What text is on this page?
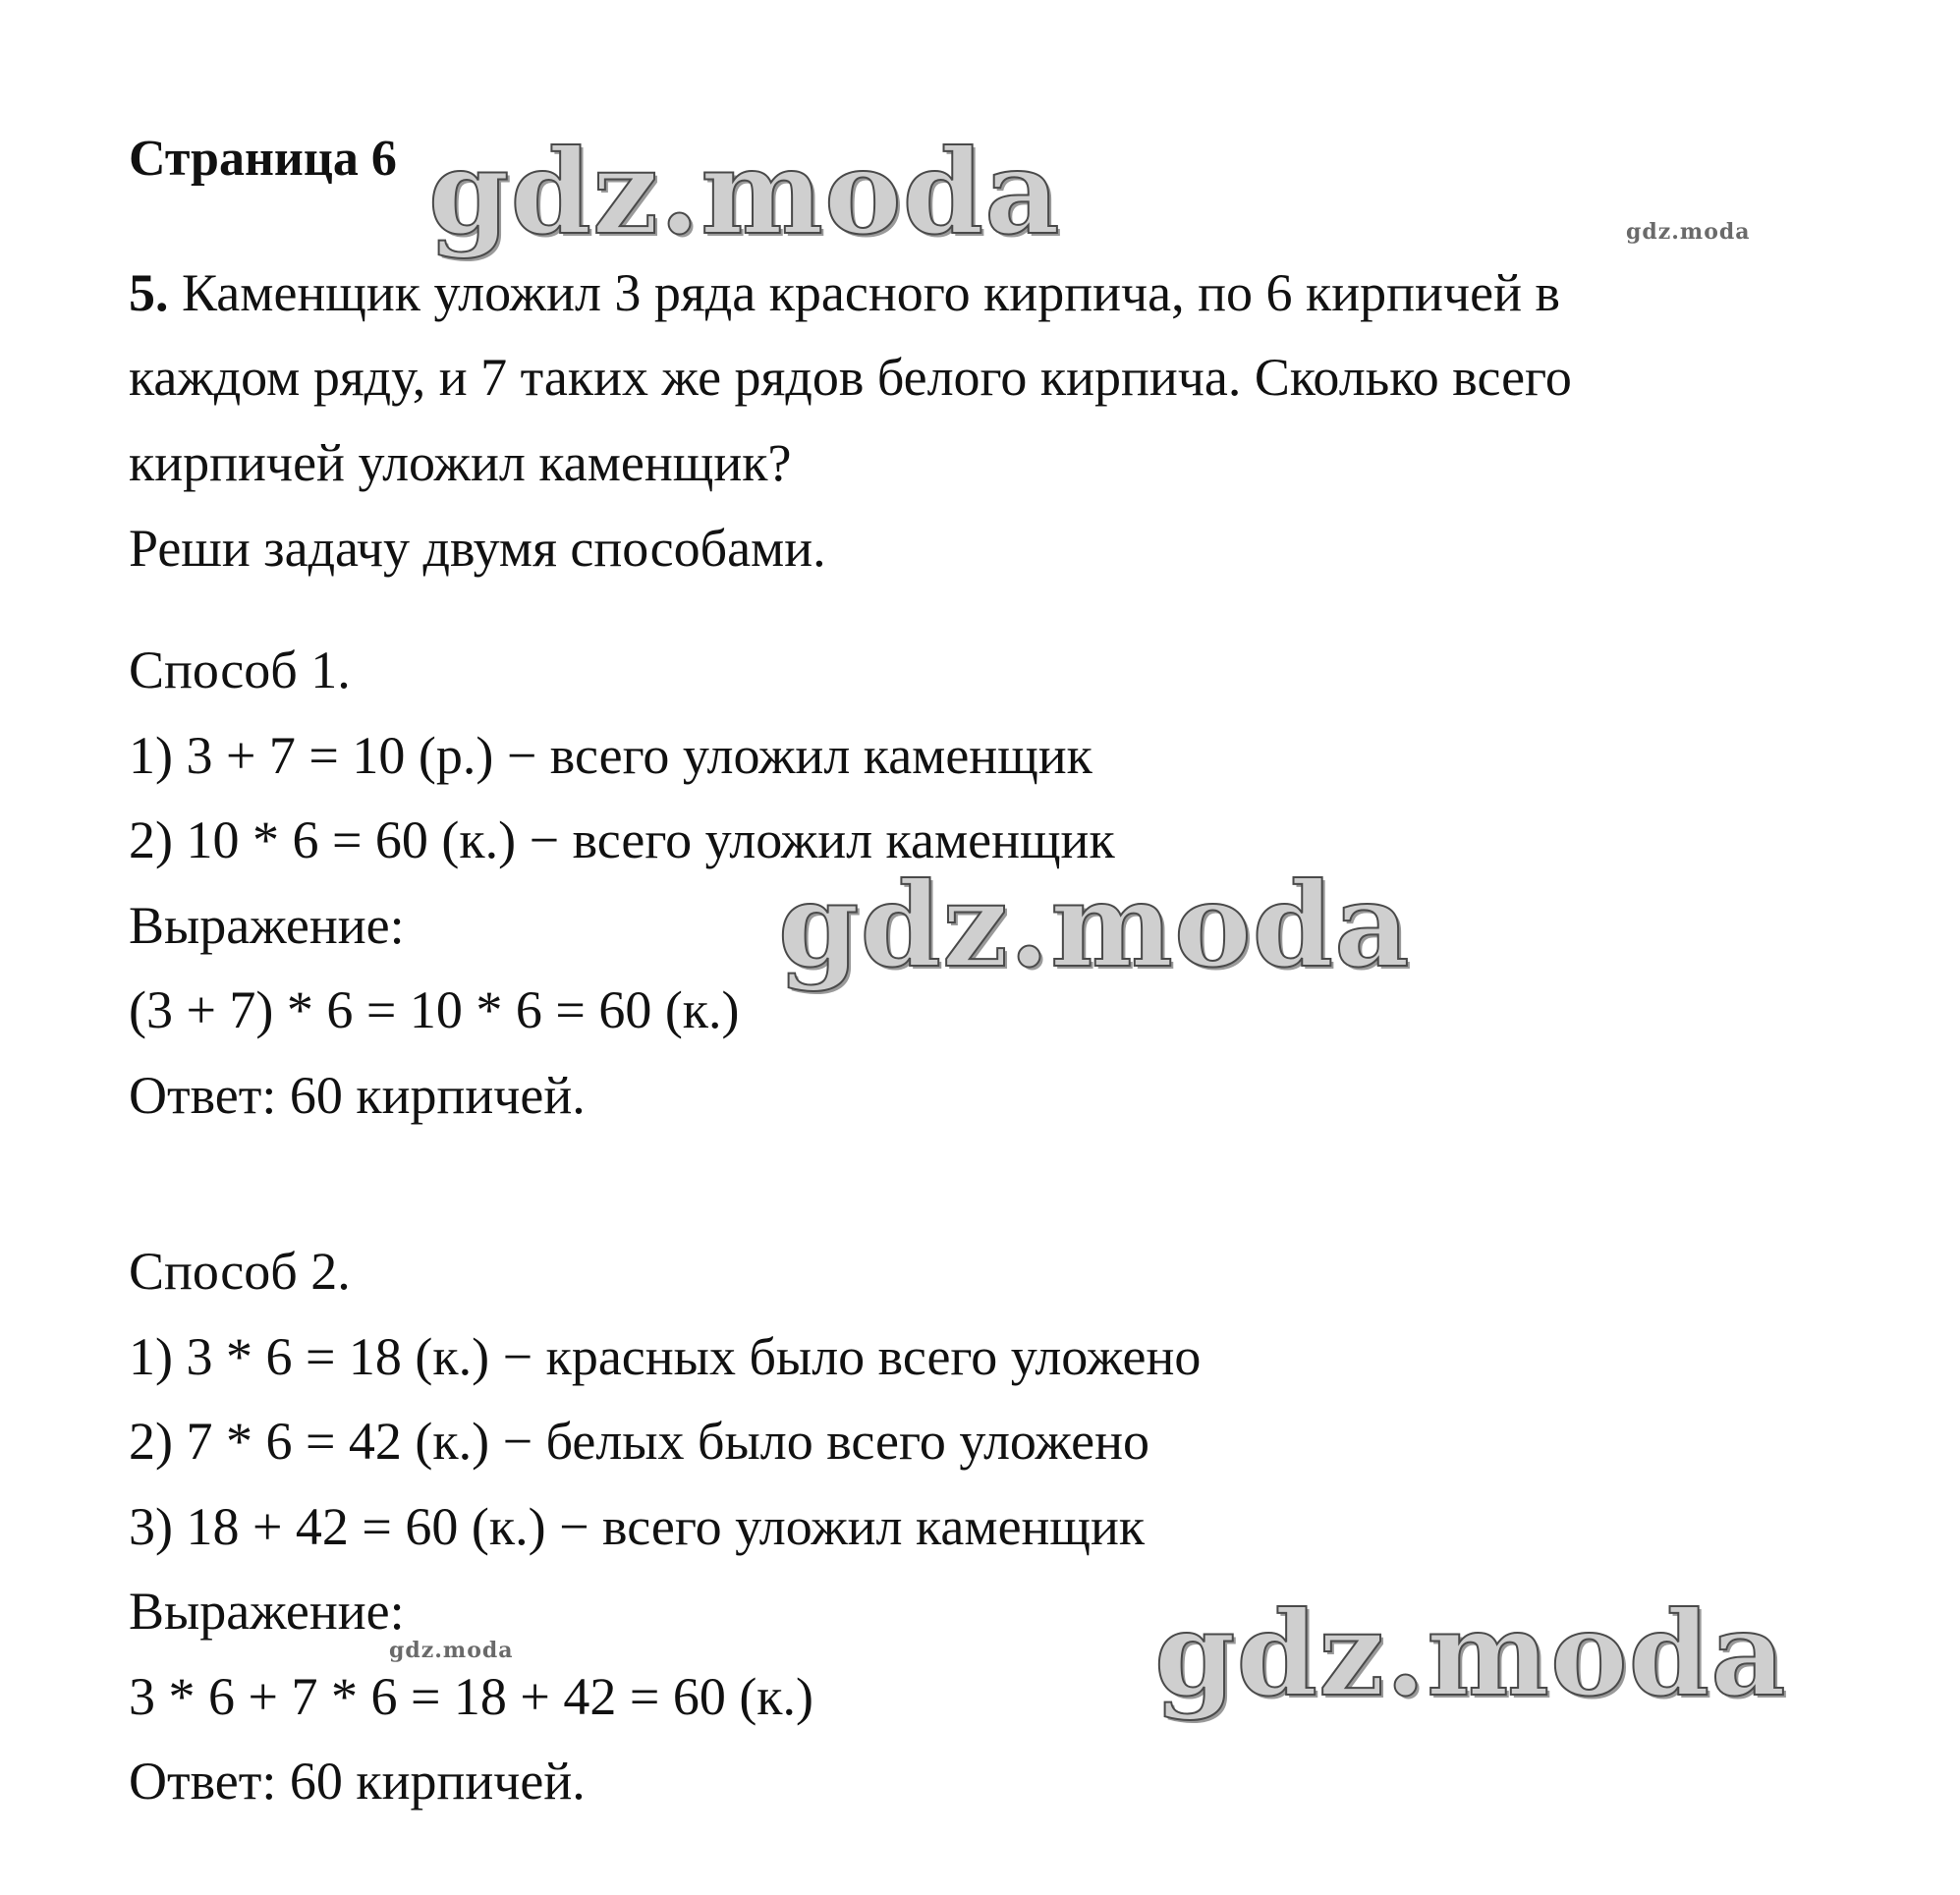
gdz.moda	gdz.moda
gdz.moda
gdz.moda	gdz.moda
Страница 6
5. Каменщик уложил 3 ряда красного кирпича, по 6 кирпичей в
каждом ряду, и 7 таких же рядов белого кирпича. Сколько всего
кирпичей уложил каменщик?
Реши задачу двумя способами.
Способ 1.
1) 3 + 7 = 10 (р.) − всего уложил каменщик
2) 10 * 6 = 60 (к.) − всего уложил каменщик
Выражение:
(3 + 7) * 6 = 10 * 6 = 60 (к.)
Ответ: 60 кирпичей.
Способ 2.
1) 3 * 6 = 18 (к.) − красных было всего уложено
2) 7 * 6 = 42 (к.) − белых было всего уложено
3) 18 + 42 = 60 (к.) − всего уложил каменщик
Выражение:
3 * 6 + 7 * 6 = 18 + 42 = 60 (к.)
Ответ: 60 кирпичей.
